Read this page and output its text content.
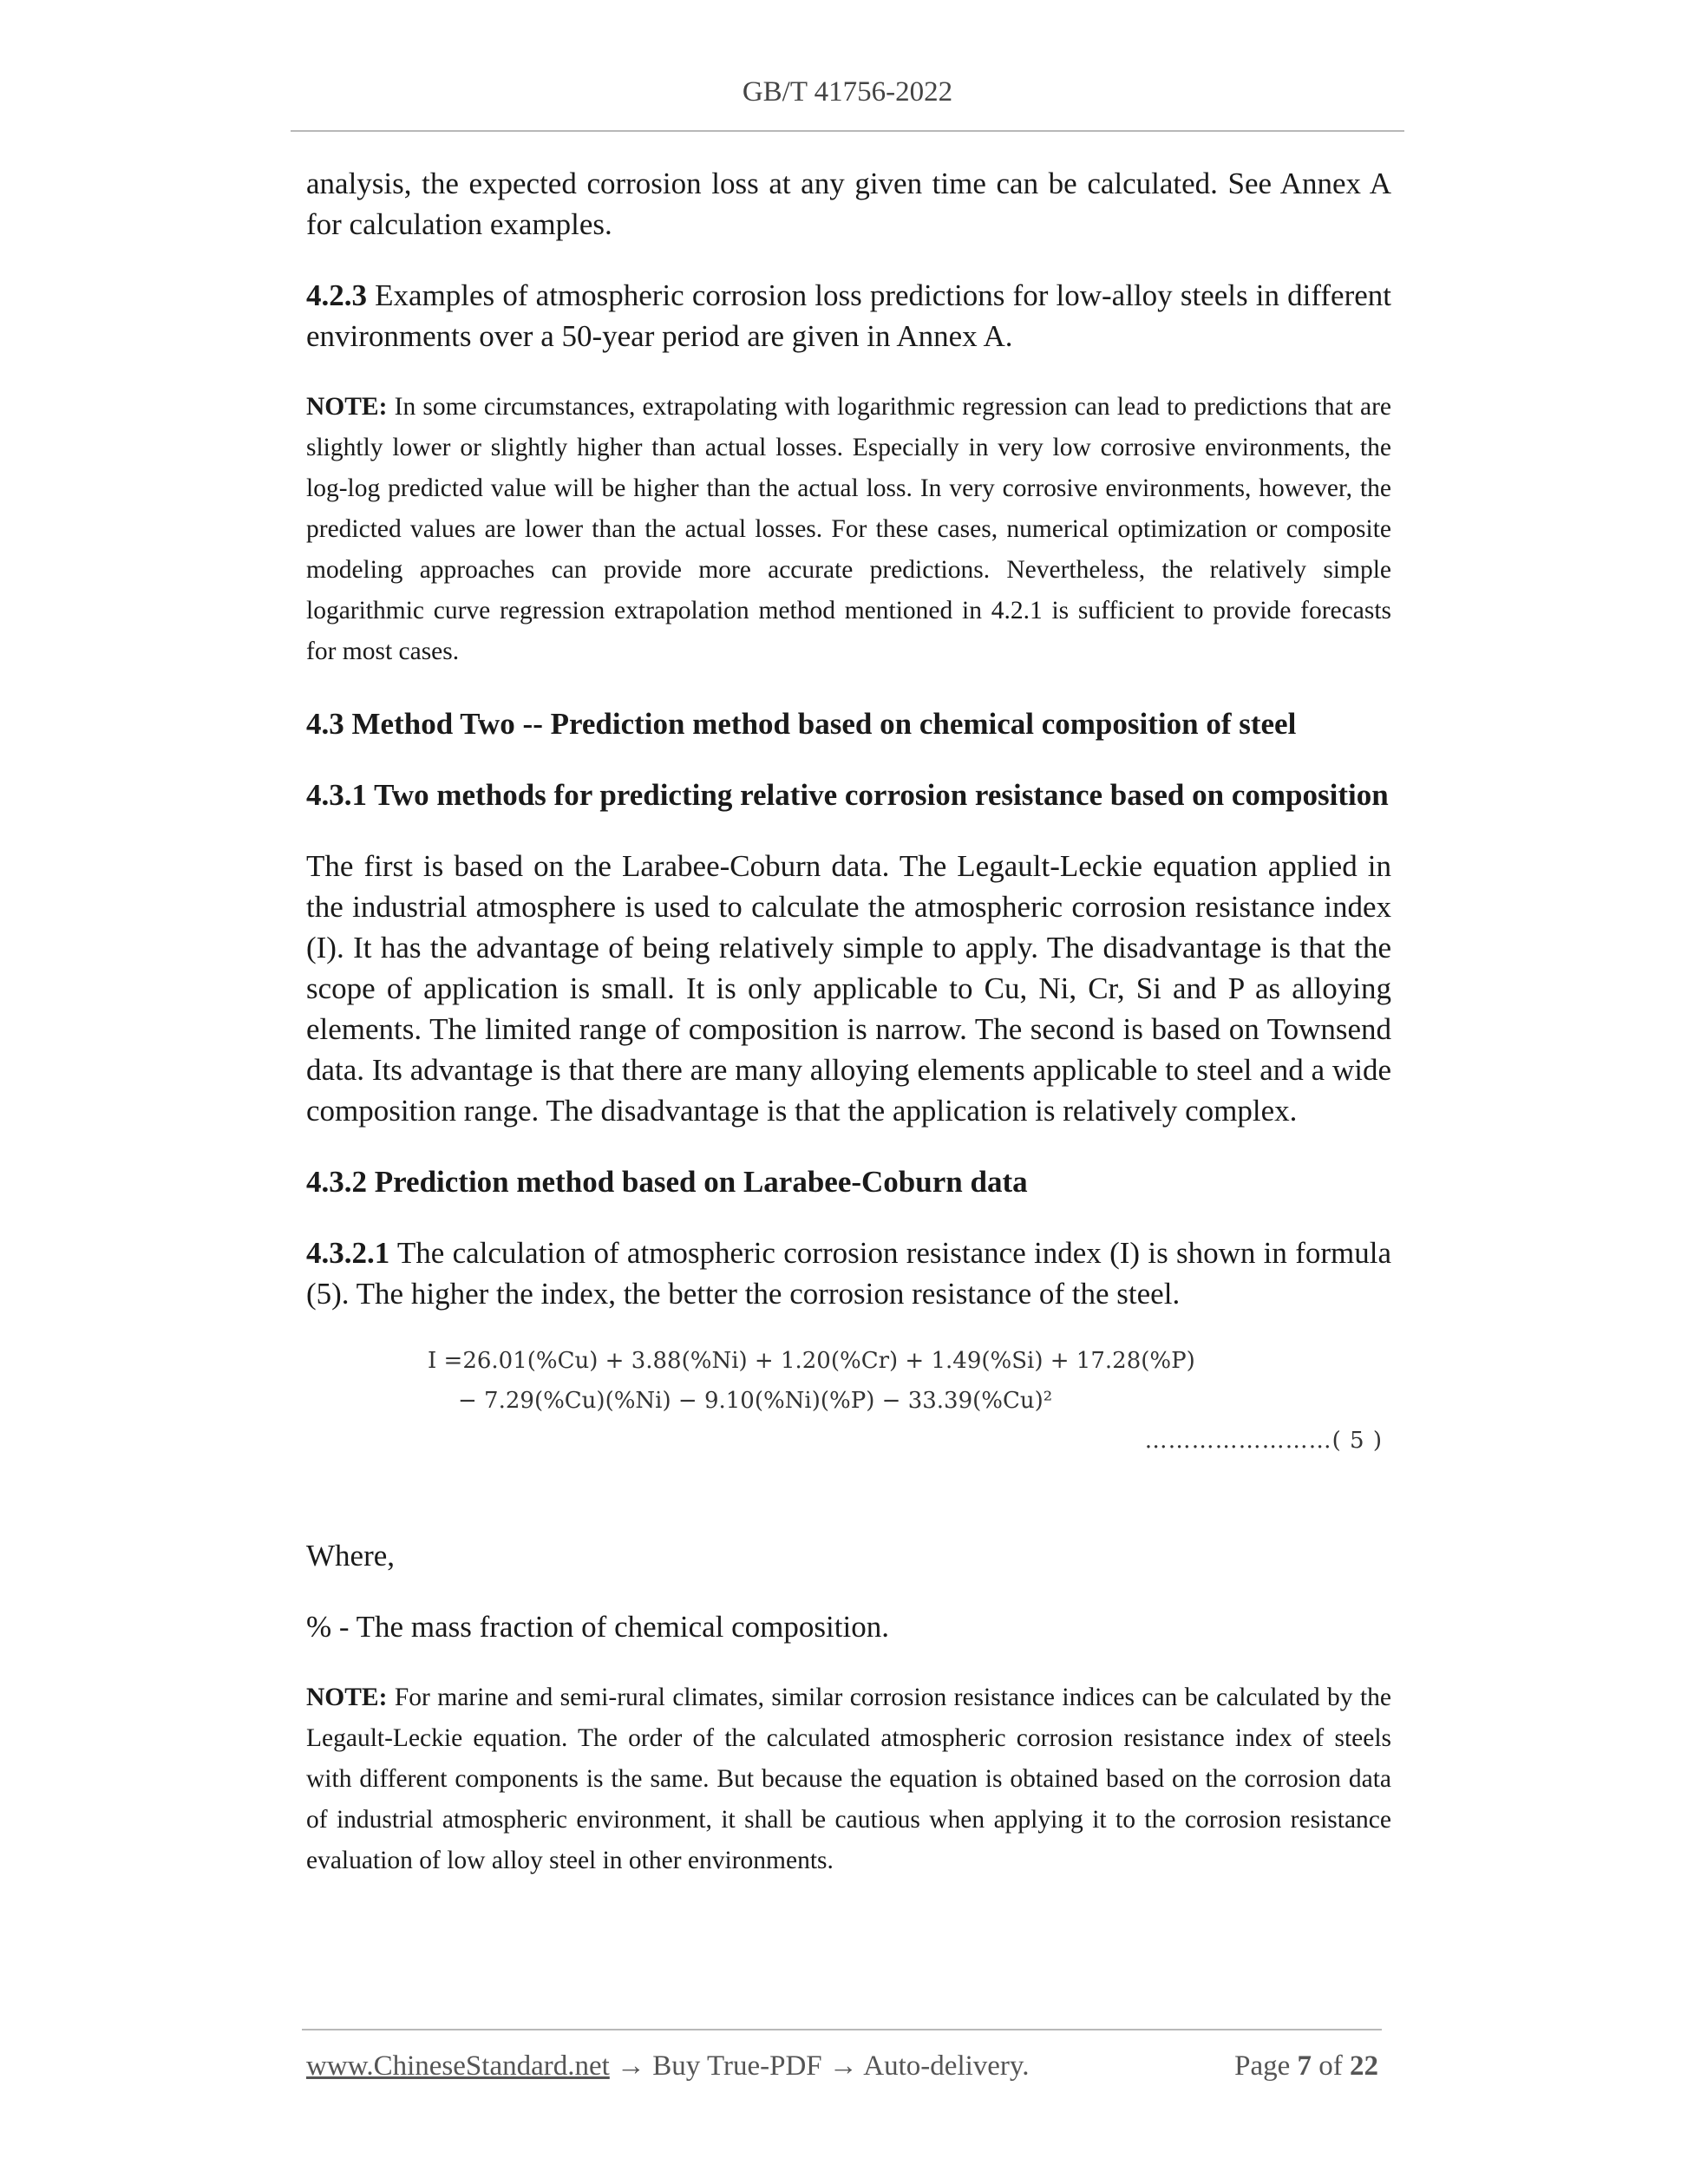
GB/T 41756-2022

analysis, the expected corrosion loss at any given time can be calculated. See Annex A for calculation examples.

4.2.3 Examples of atmospheric corrosion loss predictions for low-alloy steels in different environments over a 50-year period are given in Annex A.

NOTE: In some circumstances, extrapolating with logarithmic regression can lead to predictions that are slightly lower or slightly higher than actual losses. Especially in very low corrosive environments, the log-log predicted value will be higher than the actual loss. In very corrosive environments, however, the predicted values are lower than the actual losses. For these cases, numerical optimization or composite modeling approaches can provide more accurate predictions. Nevertheless, the relatively simple logarithmic curve regression extrapolation method mentioned in 4.2.1 is sufficient to provide forecasts for most cases.

4.3 Method Two -- Prediction method based on chemical composition of steel

4.3.1 Two methods for predicting relative corrosion resistance based on composition

The first is based on the Larabee-Coburn data. The Legault-Leckie equation applied in the industrial atmosphere is used to calculate the atmospheric corrosion resistance index (I). It has the advantage of being relatively simple to apply. The disadvantage is that the scope of application is small. It is only applicable to Cu, Ni, Cr, Si and P as alloying elements. The limited range of composition is narrow. The second is based on Townsend data. Its advantage is that there are many alloying elements applicable to steel and a wide composition range. The disadvantage is that the application is relatively complex.

4.3.2 Prediction method based on Larabee-Coburn data

4.3.2.1 The calculation of atmospheric corrosion resistance index (I) is shown in formula (5). The higher the index, the better the corrosion resistance of the steel.

I =26.01(%Cu) + 3.88(%Ni) + 1.20(%Cr) + 1.49(%Si) + 17.28(%P)
− 7.29(%Cu)(%Ni) − 9.10(%Ni)(%P) − 33.39(%Cu)²
……………………( 5 )

Where,

% - The mass fraction of chemical composition.

NOTE: For marine and semi-rural climates, similar corrosion resistance indices can be calculated by the Legault-Leckie equation. The order of the calculated atmospheric corrosion resistance index of steels with different components is the same. But because the equation is obtained based on the corrosion data of industrial atmospheric environment, it shall be cautious when applying it to the corrosion resistance evaluation of low alloy steel in other environments.

www.ChineseStandard.net → Buy True-PDF → Auto-delivery.	Page 7 of 22
